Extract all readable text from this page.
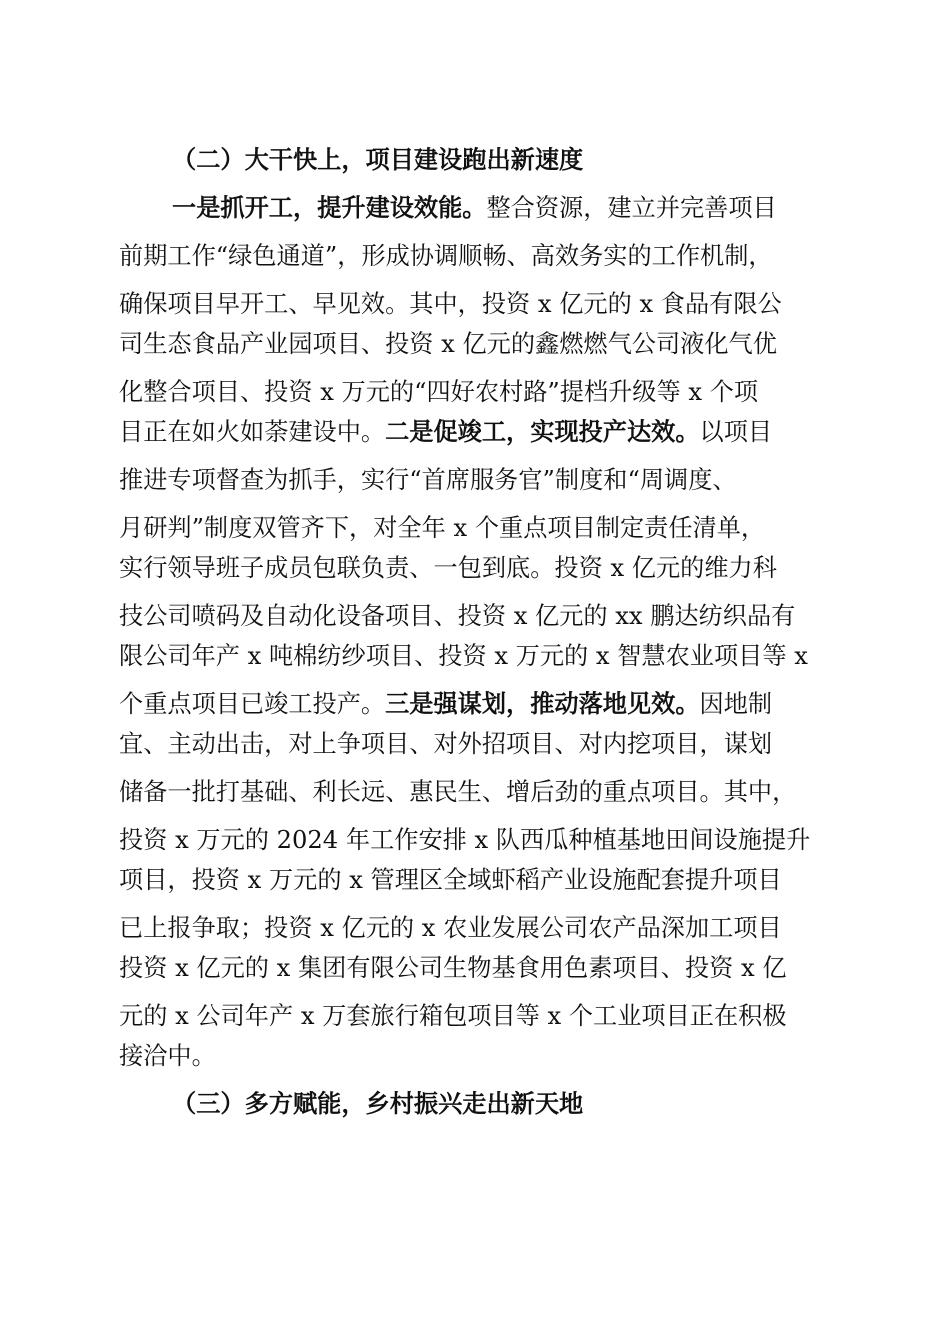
（二）大干快上，项目建设跑出新速度
一是抓开工，提升建设效能。整合资源，建立并完善项目
前期工作“绿色通道”，形成协调顺畅、高效务实的工作机制，
确保项目早开工、早见效。其中，投资 x 亿元的 x 食品有限公
司生态食品产业园项目、投资 x 亿元的鑫燃燃气公司液化气优
化整合项目、投资 x 万元的“四好农村路”提档升级等 x 个项
目正在如火如荼建设中。二是促竣工，实现投产达效。以项目
推进专项督查为抓手，实行“首席服务官”制度和“周调度、
月研判”制度双管齐下，对全年 x 个重点项目制定责任清单，
实行领导班子成员包联负责、一包到底。投资 x 亿元的维力科
技公司喷码及自动化设备项目、投资 x 亿元的 xx 鹏达纺织品有
限公司年产 x 吨棉纺纱项目、投资 x 万元的 x 智慧农业项目等 x
个重点项目已竣工投产。三是强谋划，推动落地见效。因地制
宜、主动出击，对上争项目、对外招项目、对内挖项目，谋划
储备一批打基础、利长远、惠民生、增后劲的重点项目。其中，
投资 x 万元的 2024 年工作安排 x 队西瓜种植基地田间设施提升
项目，投资 x 万元的 x 管理区全域虾稻产业设施配套提升项目
已上报争取；投资 x 亿元的 x 农业发展公司农产品深加工项目
投资 x 亿元的 x 集团有限公司生物基食用色素项目、投资 x 亿
元的 x 公司年产 x 万套旅行箱包项目等 x 个工业项目正在积极
接洽中。
（三）多方赋能，乡村振兴走出新天地
